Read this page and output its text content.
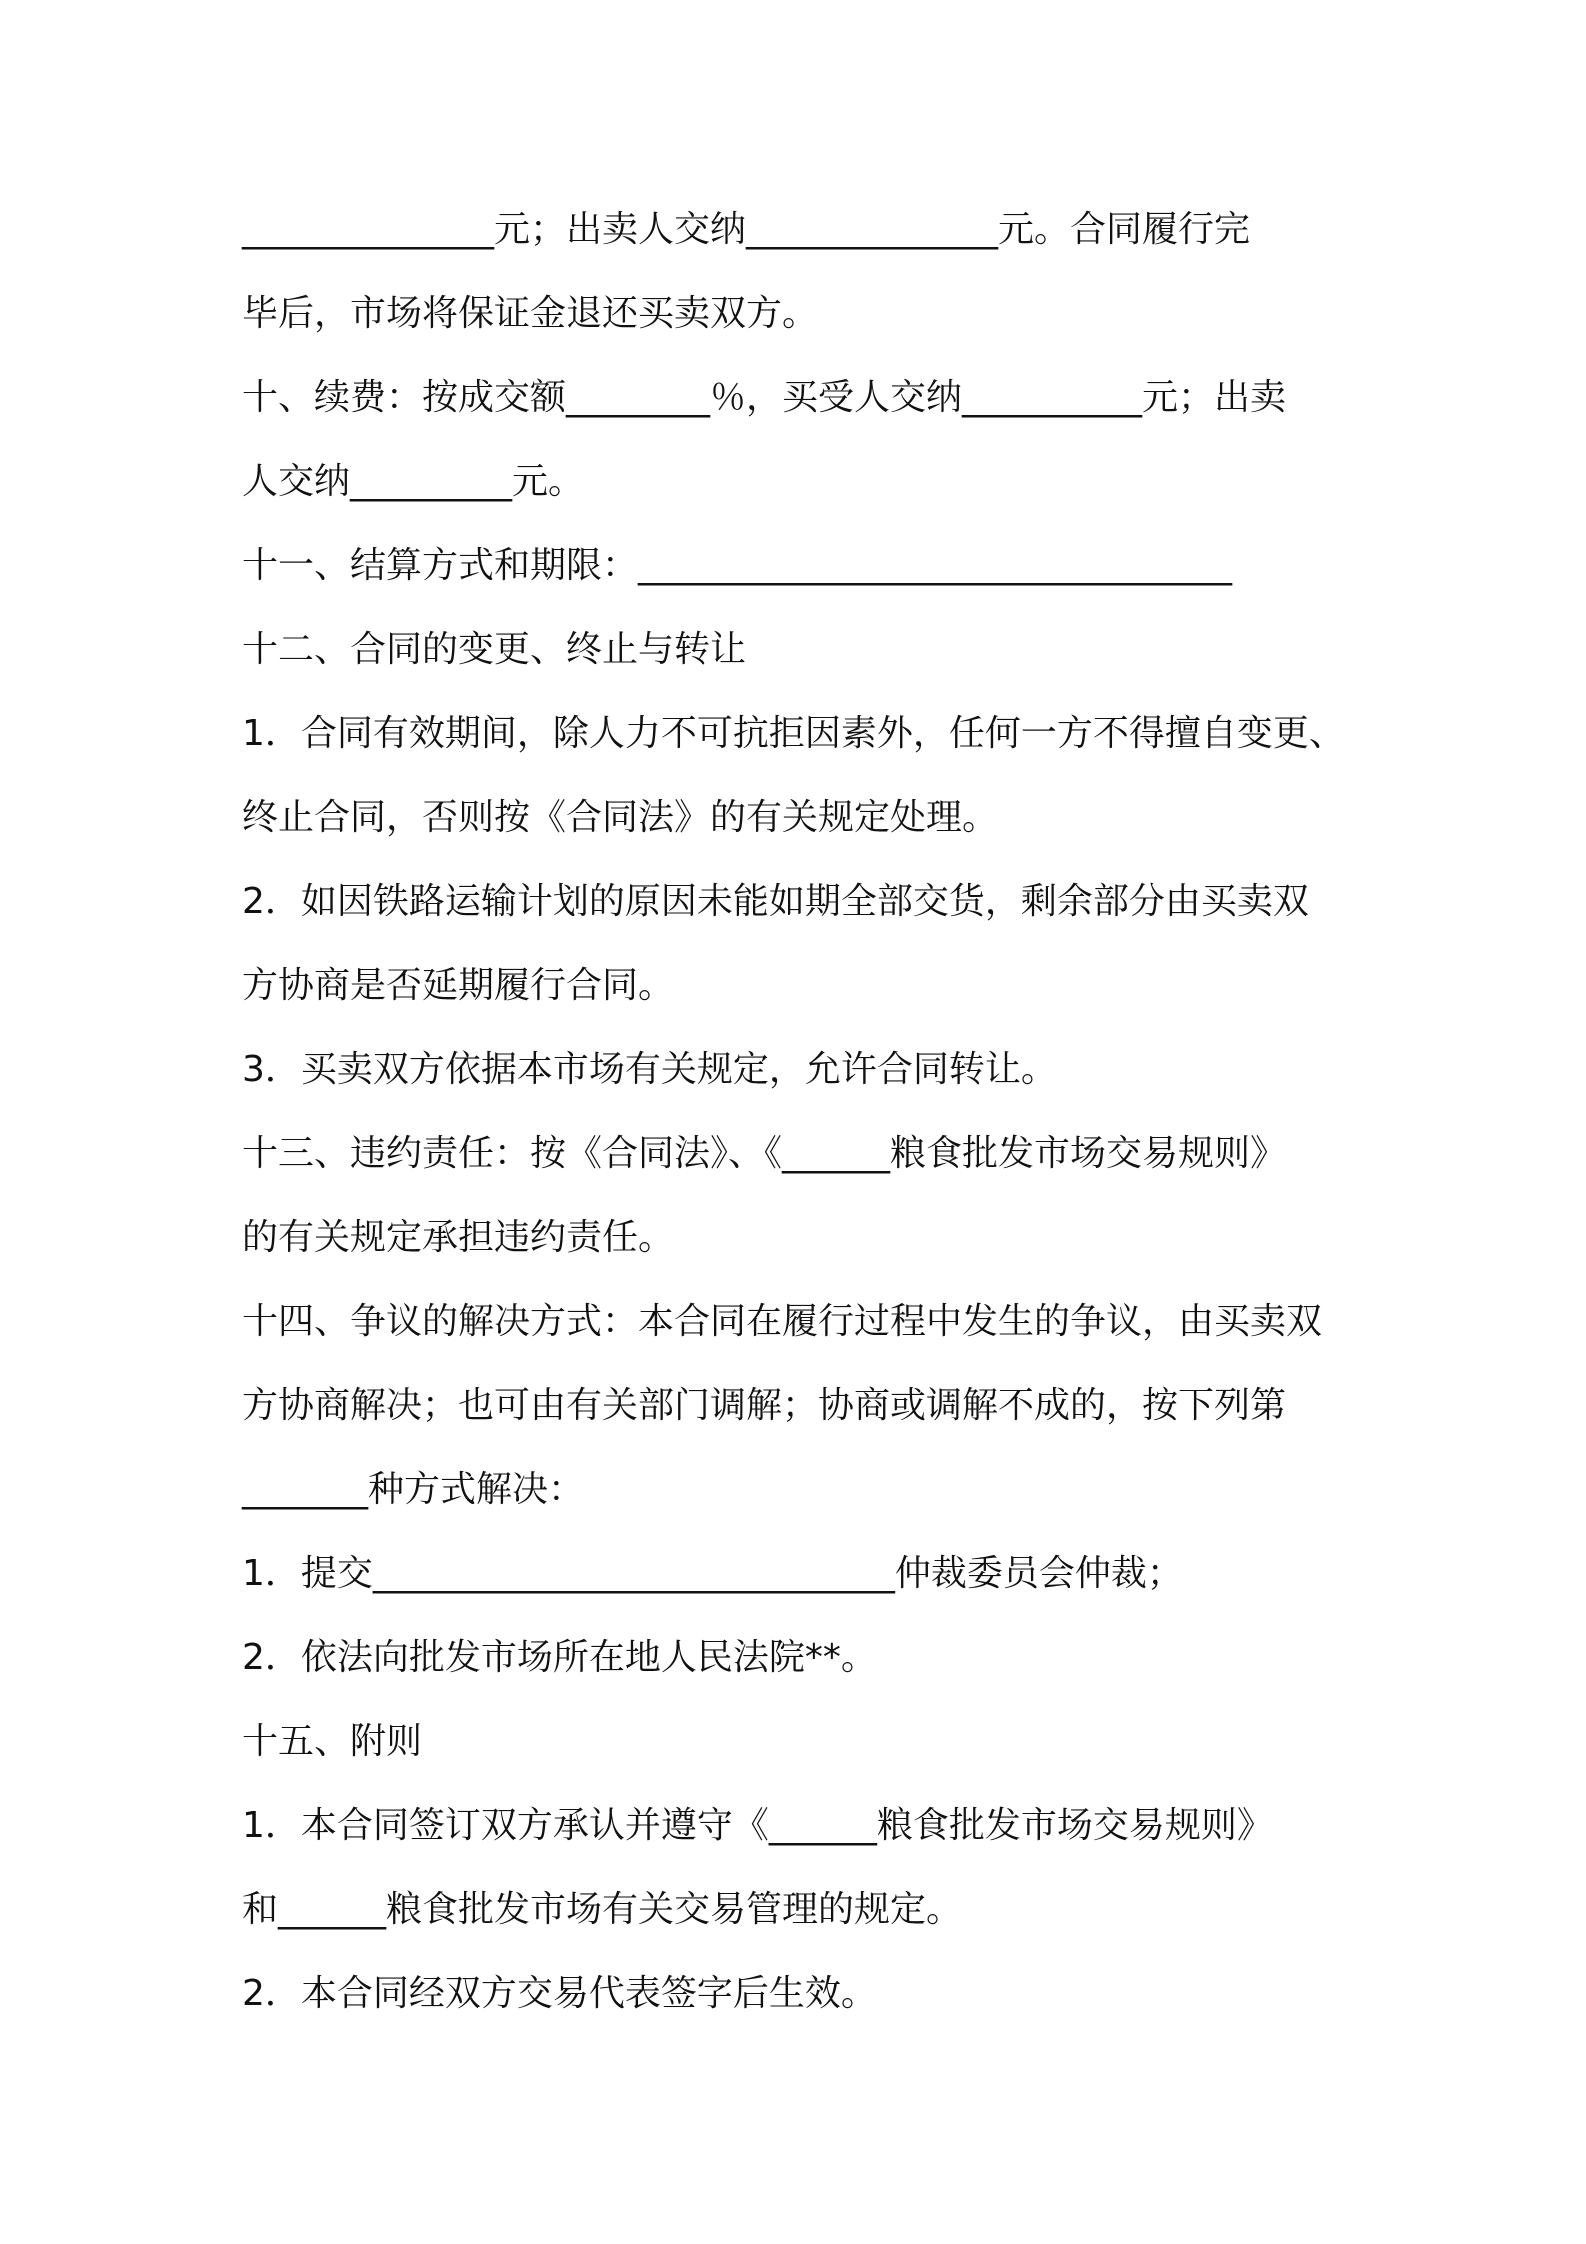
______________元；出卖人交纳______________元。合同履行完

毕后，市场将保证金退还买卖双方。

十、续费：按成交额________％，买受人交纳__________元；出卖

人交纳_________元。

十一、结算方式和期限：_________________________________

十二、合同的变更、终止与转让

1．合同有效期间，除人力不可抗拒因素外，任何一方不得擅自变更、

终止合同，否则按《合同法》的有关规定处理。

2．如因铁路运输计划的原因未能如期全部交货，剩余部分由买卖双

方协商是否延期履行合同。

3．买卖双方依据本市场有关规定，允许合同转让。

十三、违约责任：按《合同法》、《______粮食批发市场交易规则》

的有关规定承担违约责任。

十四、争议的解决方式：本合同在履行过程中发生的争议，由买卖双

方协商解决；也可由有关部门调解；协商或调解不成的，按下列第

_______种方式解决：

1．提交_____________________________仲裁委员会仲裁；

2．依法向批发市场所在地人民法院**。

十五、附则

1．本合同签订双方承认并遵守《______粮食批发市场交易规则》

和______粮食批发市场有关交易管理的规定。

2．本合同经双方交易代表签字后生效。
